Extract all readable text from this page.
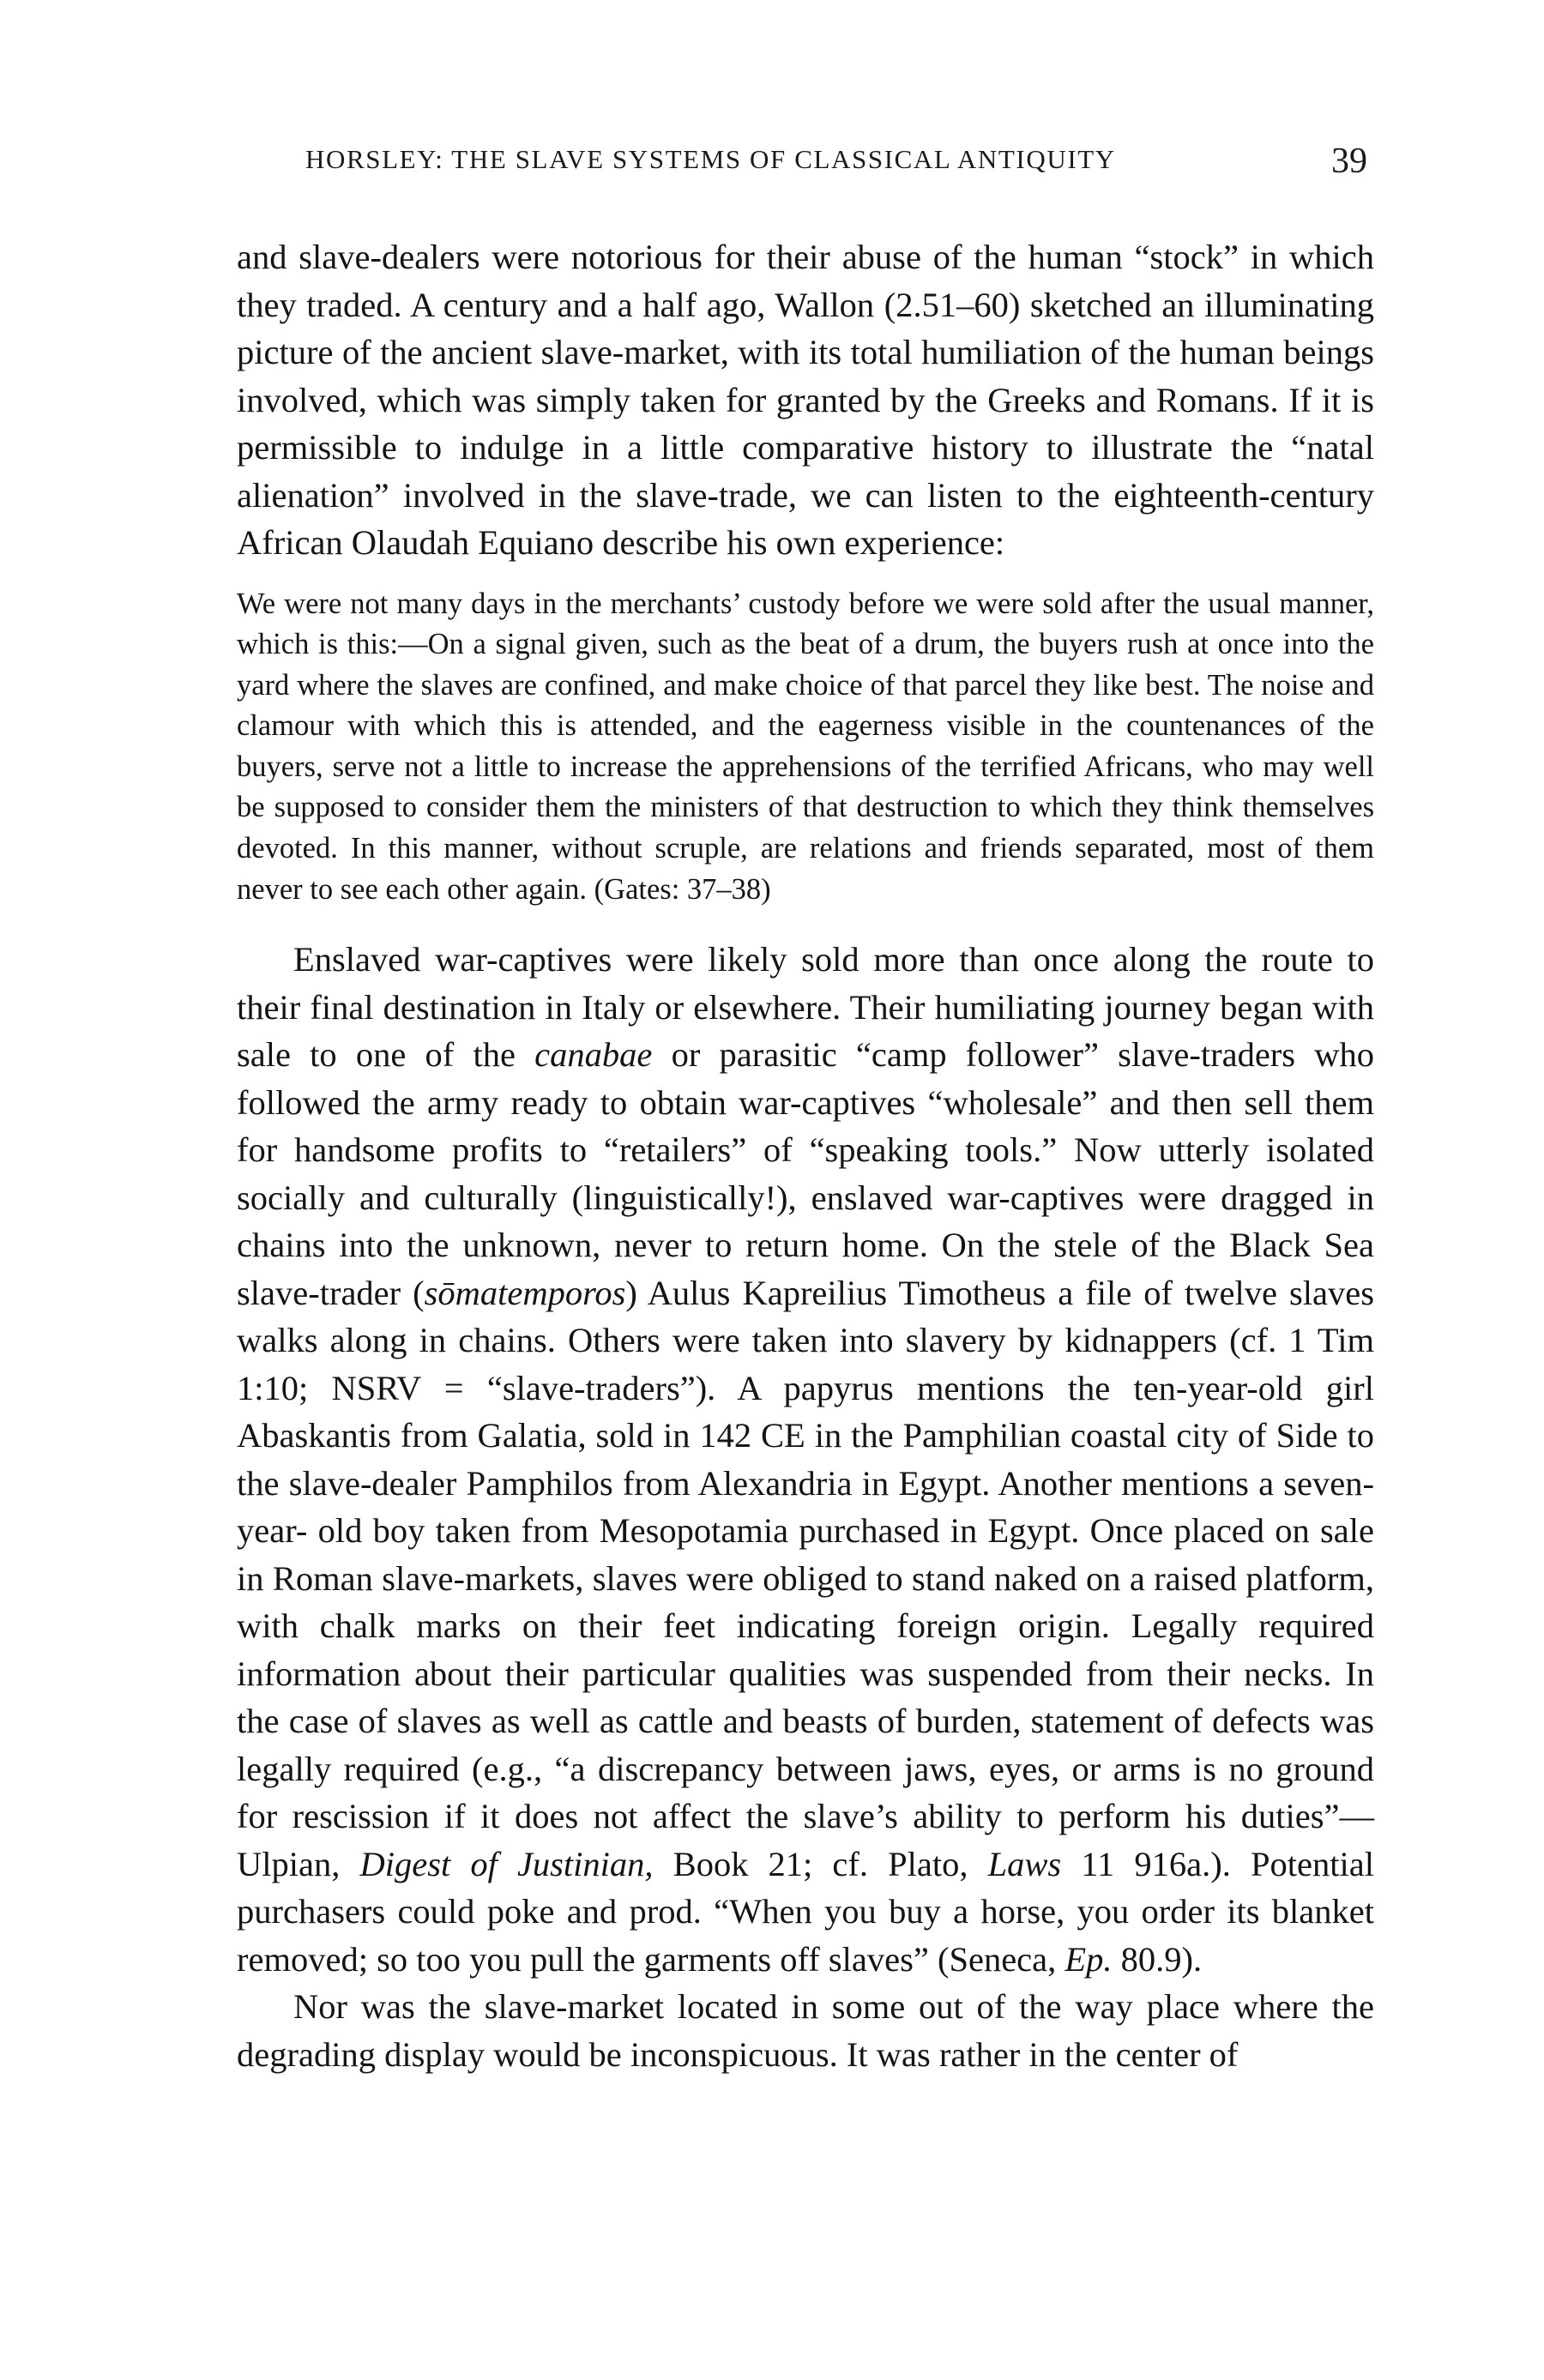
HORSLEY: THE SLAVE SYSTEMS OF CLASSICAL ANTIQUITY	39

and slave-dealers were notorious for their abuse of the human “stock” in which they traded. A century and a half ago, Wallon (2.51–60) sketched an illuminating picture of the ancient slave-market, with its total humiliation of the human beings involved, which was simply taken for granted by the Greeks and Romans. If it is permissible to indulge in a little comparative history to illustrate the “natal alienation” involved in the slave-trade, we can listen to the eighteenth-century African Olaudah Equiano describe his own experience:

We were not many days in the merchants’ custody before we were sold after the usual manner, which is this:—On a signal given, such as the beat of a drum, the buyers rush at once into the yard where the slaves are confined, and make choice of that parcel they like best. The noise and clamour with which this is attended, and the eagerness visible in the countenances of the buyers, serve not a little to increase the apprehensions of the terrified Africans, who may well be supposed to consider them the ministers of that destruction to which they think themselves devoted. In this manner, without scruple, are relations and friends separated, most of them never to see each other again. (Gates: 37–38)

Enslaved war-captives were likely sold more than once along the route to their final destination in Italy or elsewhere. Their humiliating journey began with sale to one of the canabae or parasitic “camp follower” slave-traders who followed the army ready to obtain war-captives “wholesale” and then sell them for handsome profits to “retailers” of “speaking tools.” Now utterly isolated socially and culturally (linguistically!), enslaved war-captives were dragged in chains into the unknown, never to return home. On the stele of the Black Sea slave-trader (sōmatemporos) Aulus Kapreilius Timotheus a file of twelve slaves walks along in chains. Others were taken into slavery by kidnappers (cf. 1 Tim 1:10; NSRV = “slave-traders”). A papyrus mentions the ten-year-old girl Abaskantis from Galatia, sold in 142 CE in the Pamphilian coastal city of Side to the slave-dealer Pamphilos from Alexandria in Egypt. Another mentions a seven-year- old boy taken from Mesopotamia purchased in Egypt. Once placed on sale in Roman slave-markets, slaves were obliged to stand naked on a raised platform, with chalk marks on their feet indicating foreign origin. Legally required information about their particular qualities was suspended from their necks. In the case of slaves as well as cattle and beasts of burden, statement of defects was legally required (e.g., “a discrepancy between jaws, eyes, or arms is no ground for rescission if it does not affect the slave’s ability to perform his duties”—Ulpian, Digest of Justinian, Book 21; cf. Plato, Laws 11 916a.). Potential purchasers could poke and prod. “When you buy a horse, you order its blanket removed; so too you pull the garments off slaves” (Seneca, Ep. 80.9).

Nor was the slave-market located in some out of the way place where the degrading display would be inconspicuous. It was rather in the center of
